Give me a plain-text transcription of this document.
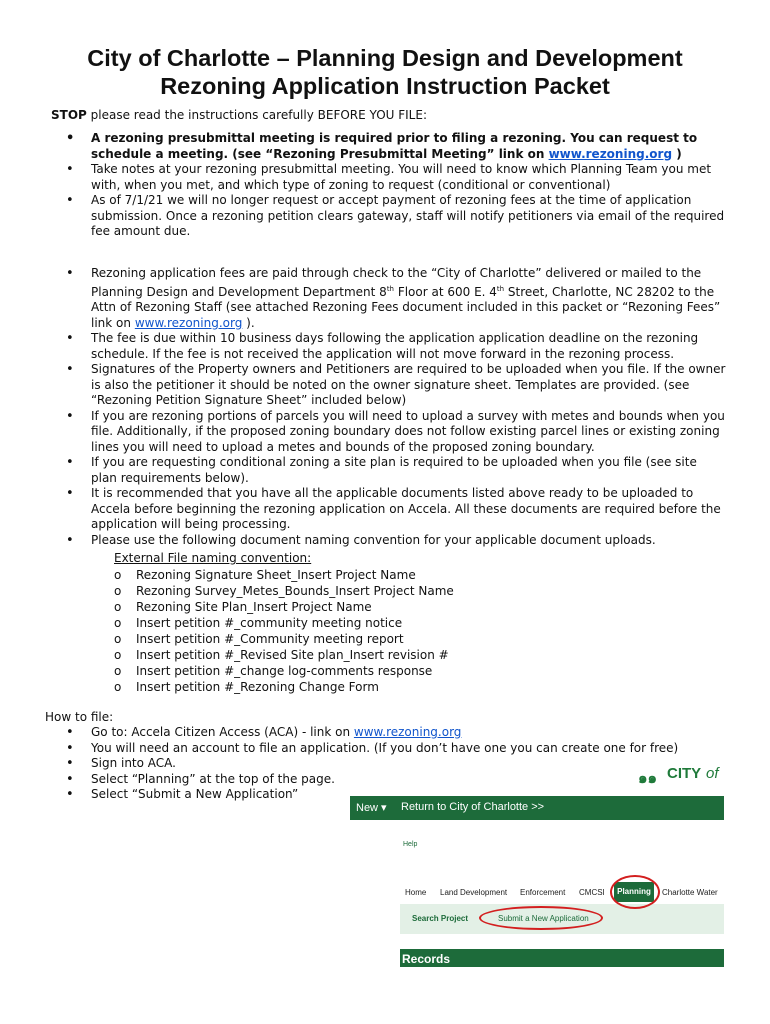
City of Charlotte – Planning Design and Development
Rezoning Application Instruction Packet
STOP please read the instructions carefully BEFORE YOU FILE:
• A rezoning presubmittal meeting is required prior to filing a rezoning. You can request to schedule a meeting. (see “Rezoning Presubmittal Meeting” link on www.rezoning.org )
• Take notes at your rezoning presubmittal meeting. You will need to know which Planning Team you met with, when you met, and which type of zoning to request (conditional or conventional)
• As of 7/1/21 we will no longer request or accept payment of rezoning fees at the time of application submission. Once a rezoning petition clears gateway, staff will notify petitioners via email of the required fee amount due.
• Rezoning application fees are paid through check to the “City of Charlotte” delivered or mailed to the Planning Design and Development Department 8th Floor at 600 E. 4th Street, Charlotte, NC 28202 to the Attn of Rezoning Staff (see attached Rezoning Fees document included in this packet or “Rezoning Fees” link on www.rezoning.org ).
• The fee is due within 10 business days following the application application deadline on the rezoning schedule. If the fee is not received the application will not move forward in the rezoning process.
• Signatures of the Property owners and Petitioners are required to be uploaded when you file. If the owner is also the petitioner it should be noted on the owner signature sheet. Templates are provided. (see “Rezoning Petition Signature Sheet” included below)
• If you are rezoning portions of parcels you will need to upload a survey with metes and bounds when you file. Additionally, if the proposed zoning boundary does not follow existing parcel lines or existing zoning lines you will need to upload a metes and bounds of the proposed zoning boundary.
• If you are requesting conditional zoning a site plan is required to be uploaded when you file (see site plan requirements below).
• It is recommended that you have all the applicable documents listed above ready to be uploaded to Accela before beginning the rezoning application on Accela. All these documents are required before the application will being processing.
• Please use the following document naming convention for your applicable document uploads.
External File naming convention:
o Rezoning Signature Sheet_Insert Project Name
o Rezoning Survey_Metes_Bounds_Insert Project Name
o Rezoning Site Plan_Insert Project Name
o Insert petition #_community meeting notice
o Insert petition #_Community meeting report
o Insert petition #_Revised Site plan_Insert revision #
o Insert petition #_change log-comments response
o Insert petition #_Rezoning Change Form
How to file:
• Go to: Accela Citizen Access (ACA) - link on www.rezoning.org
• You will need an account to file an application. (If you don’t have one you can create one for free)
• Sign into ACA.
• Select “Planning” at the top of the page.
• Select “Submit a New Application”
๑๑ CITY of
New ▾ Return to City of Charlotte >>
Help
Home Land Development Enforcement CMCSI	Planning	Charlotte Water
Search Project	Submit a New Application
Records
